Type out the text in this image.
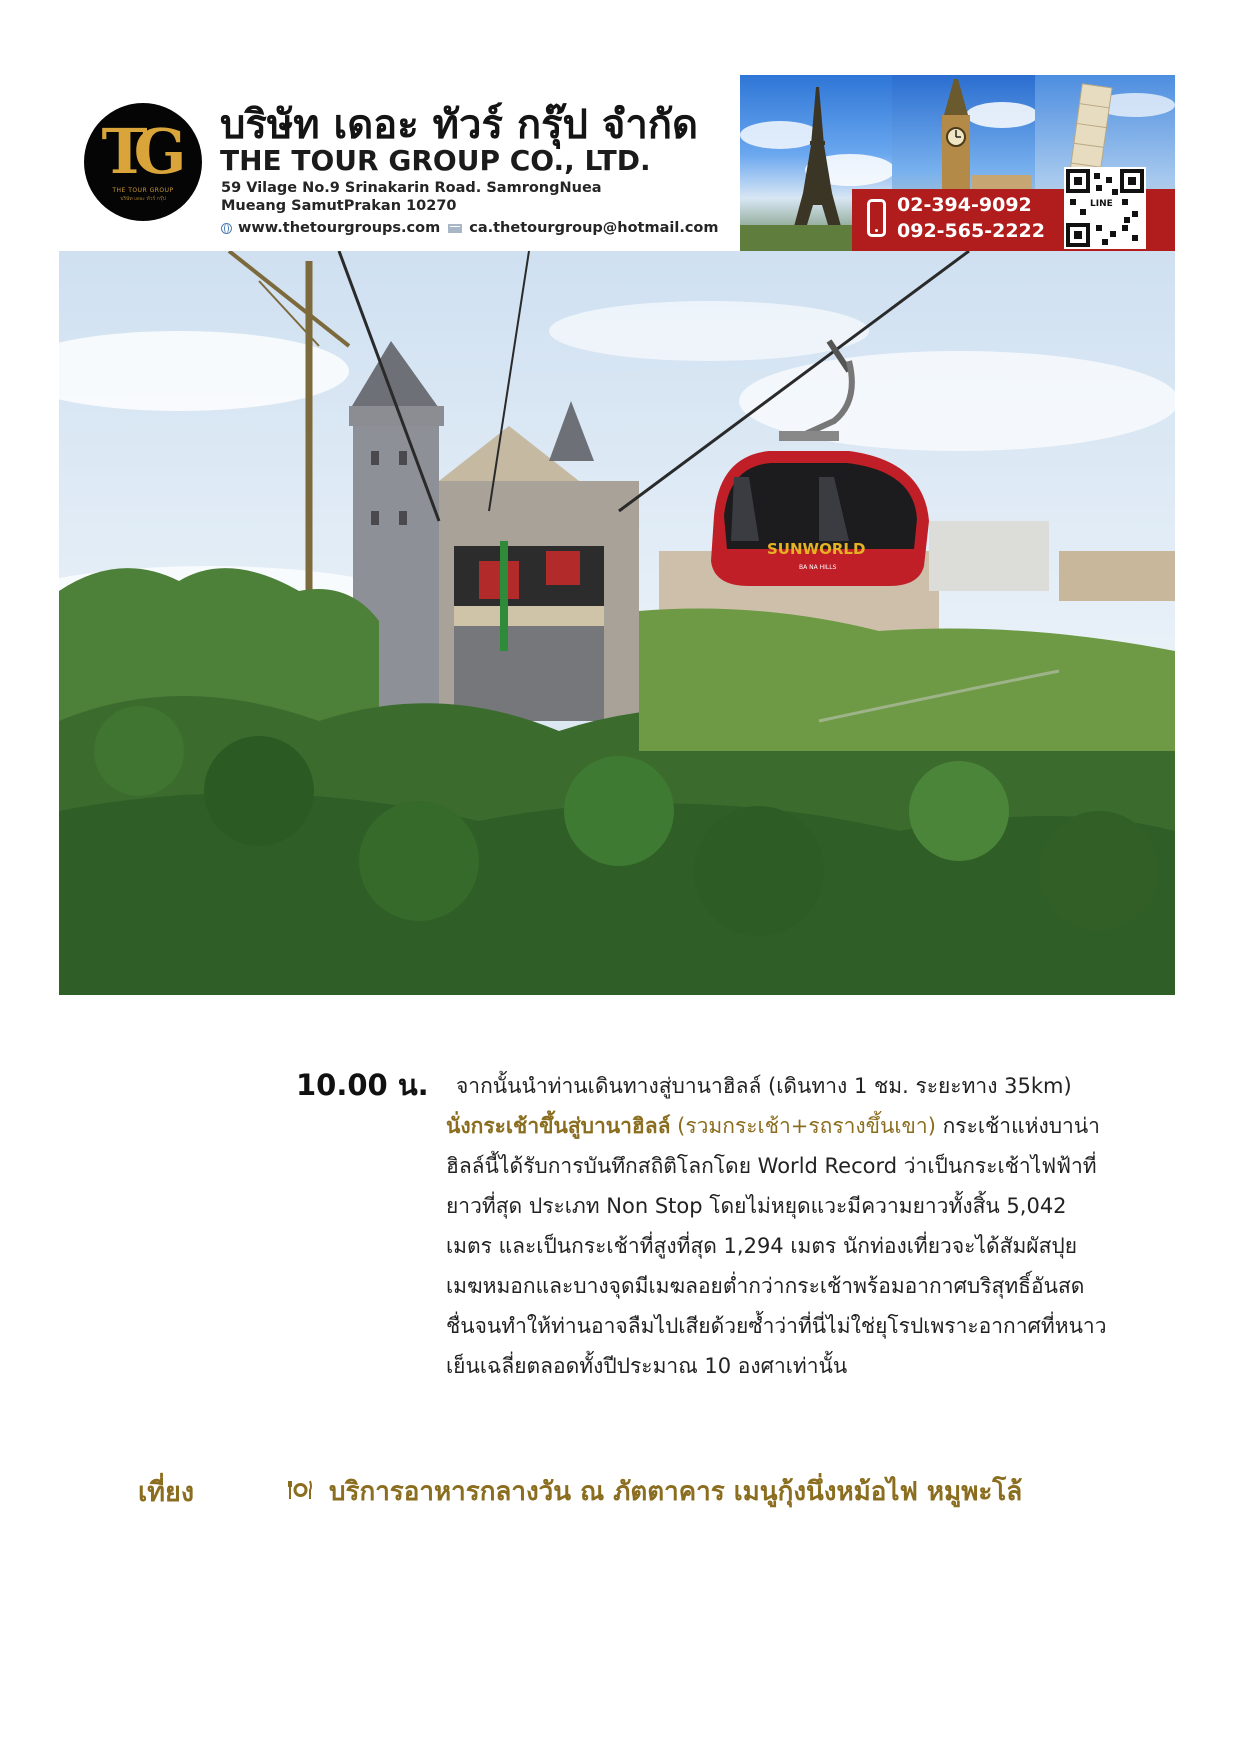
TG
THE TOUR GROUP
บริษัท เดอะ ทัวร์ กรุ๊ป
บริษัท เดอะ ทัวร์ กรุ๊ป จำกัด
THE TOUR GROUP CO., LTD.
59 Vilage No.9 Srinakarin Road. SamrongNuea
Mueang SamutPrakan 10270
www.thetourgroups.com ca.thetourgroup@hotmail.com
02-394-9092
092-565-2222
LINE
SUNWORLD
BA NA HILLS
10.00 น. จากนั้นนำท่านเดินทางสู่บานาฮิลล์ (เดินทาง 1 ชม. ระยะทาง 35km)
นั่งกระเช้าขึ้นสู่บานาฮิลล์ (รวมกระเช้า+รถรางขึ้นเขา) กระเช้าแห่งบาน่า
ฮิลล์นี้ได้รับการบันทึกสถิติโลกโดย World Record ว่าเป็นกระเช้าไฟฟ้าที่
ยาวที่สุด ประเภท Non Stop โดยไม่หยุดแวะมีความยาวทั้งสิ้น 5,042
เมตร และเป็นกระเช้าที่สูงที่สุด 1,294 เมตร นักท่องเที่ยวจะได้สัมผัสปุย
เมฆหมอกและบางจุดมีเมฆลอยต่ำกว่ากระเช้าพร้อมอากาศบริสุทธิ์อันสด
ชื่นจนทำให้ท่านอาจลืมไปเสียด้วยซ้ำว่าที่นี่ไม่ใช่ยุโรปเพราะอากาศที่หนาว
เย็นเฉลี่ยตลอดทั้งปีประมาณ 10 องศาเท่านั้น
เที่ยง	บริการอาหารกลางวัน ณ ภัตตาคาร เมนูกุ้งนึ่งหม้อไฟ หมูพะโล้
